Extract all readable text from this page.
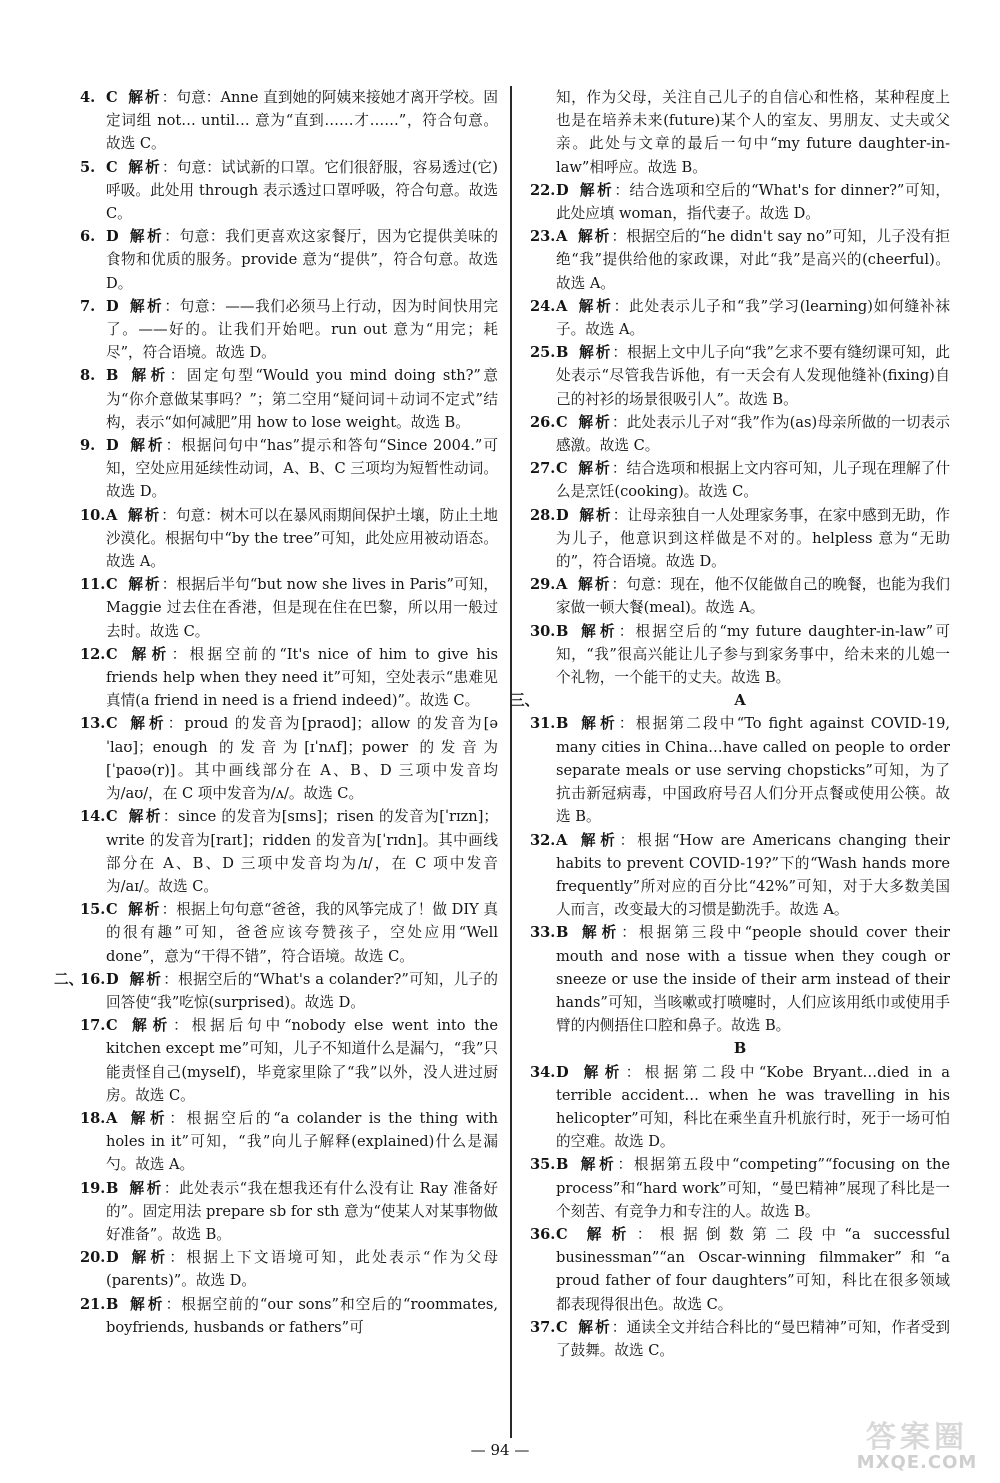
4. C 解析：句意：Anne 直到她的阿姨来接她才离开学校。固定词组 not… until… 意为“直到……才……”，符合句意。故选 C。

5. C 解析：句意：试试新的口罩。它们很舒服，容易透过(它)呼吸。此处用 through 表示透过口罩呼吸，符合句意。故选 C。

6. D 解析：句意：我们更喜欢这家餐厅，因为它提供美味的食物和优质的服务。provide 意为“提供”，符合句意。故选 D。

7. D 解析：句意：——我们必须马上行动，因为时间快用完了。——好的。让我们开始吧。run out 意为“用完；耗尽”，符合语境。故选 D。

8. B 解析：固定句型“Would you mind doing sth?”意为“你介意做某事吗？”；第二空用“疑问词＋动词不定式”结构，表示“如何减肥”用 how to lose weight。故选 B。

9. D 解析：根据问句中“has”提示和答句“Since 2004.”可知，空处应用延续性动词，A、B、C 三项均为短暂性动词。故选 D。

10.A 解析：句意：树木可以在暴风雨期间保护土壤，防止土地沙漠化。根据句中“by the tree”可知，此处应用被动语态。故选 A。

11.C 解析：根据后半句“but now she lives in Paris”可知，Maggie 过去住在香港，但是现在住在巴黎，所以用一般过去时。故选 C。

12.C 解析：根据空前的“It's nice of him to give his friends help when they need it”可知，空处表示“患难见真情(a friend in need is a friend indeed)”。故选 C。

13.C 解析：proud 的发音为[praʊd]；allow 的发音为[əˈlaʊ]；enough 的发音为[ɪˈnʌf]；power 的发音为[ˈpaʊə(r)]。其中画线部分在 A、B、D 三项中发音均为/aʊ/，在 C 项中发音为/ʌ/。故选 C。

14.C 解析：since 的发音为[sɪns]；risen 的发音为[ˈrɪzn]；write 的发音为[raɪt]；ridden 的发音为[ˈrɪdn]。其中画线部分在 A、B、D 三项中发音均为/ɪ/，在 C 项中发音为/aɪ/。故选 C。

15.C 解析：根据上句句意“爸爸，我的风筝完成了！做 DIY 真的很有趣”可知，爸爸应该夸赞孩子，空处应用“Well done”，意为“干得不错”，符合语境。故选 C。

二、16.D 解析：根据空后的“What's a colander?”可知，儿子的回答使“我”吃惊(surprised)。故选 D。

17.C 解析：根据后句中“nobody else went into the kitchen except me”可知，儿子不知道什么是漏勺，“我”只能责怪自己(myself)，毕竟家里除了“我”以外，没人进过厨房。故选 C。

18.A 解析：根据空后的“a colander is the thing with holes in it”可知，“我”向儿子解释(explained)什么是漏勺。故选 A。

19.B 解析：此处表示“我在想我还有什么没有让 Ray 准备好的”。固定用法 prepare sb for sth 意为“使某人对某事物做好准备”。故选 B。

20.D 解析：根据上下文语境可知，此处表示“作为父母(parents)”。故选 D。

21.B 解析：根据空前的“our sons”和空后的“roommates, boyfriends, husbands or fathers”可

知，作为父母，关注自己儿子的自信心和性格，某种程度上也是在培养未来(future)某个人的室友、男朋友、丈夫或父亲。此处与文章的最后一句中“my future daughter-in-law”相呼应。故选 B。

22.D 解析：结合选项和空后的“What's for dinner?”可知，此处应填 woman，指代妻子。故选 D。

23.A 解析：根据空后的“he didn't say no”可知，儿子没有拒绝“我”提供给他的家政课，对此“我”是高兴的(cheerful)。故选 A。

24.A 解析：此处表示儿子和“我”学习(learning)如何缝补袜子。故选 A。

25.B 解析：根据上文中儿子向“我”乞求不要有缝纫课可知，此处表示“尽管我告诉他，有一天会有人发现他缝补(fixing)自己的衬衫的场景很吸引人”。故选 B。

26.C 解析：此处表示儿子对“我”作为(as)母亲所做的一切表示感激。故选 C。

27.C 解析：结合选项和根据上文内容可知，儿子现在理解了什么是烹饪(cooking)。故选 C。

28.D 解析：让母亲独自一人处理家务事，在家中感到无助，作为儿子，他意识到这样做是不对的。helpless 意为“无助的”，符合语境。故选 D。

29.A 解析：句意：现在，他不仅能做自己的晚餐，也能为我们家做一顿大餐(meal)。故选 A。

30.B 解析：根据空后的“my future daughter-in-law”可知，“我”很高兴能让儿子参与到家务事中，给未来的儿媳一个礼物，一个能干的丈夫。故选 B。

三、	A

31.B 解析：根据第二段中“To fight against COVID-19, many cities in China…have called on people to order separate meals or use serving chopsticks”可知，为了抗击新冠病毒，中国政府号召人们分开点餐或使用公筷。故选 B。

32.A 解析：根据“How are Americans changing their habits to prevent COVID-19?”下的“Wash hands more frequently”所对应的百分比“42%”可知，对于大多数美国人而言，改变最大的习惯是勤洗手。故选 A。

33.B 解析：根据第三段中“people should cover their mouth and nose with a tissue when they cough or sneeze or use the inside of their arm instead of their hands”可知，当咳嗽或打喷嚏时，人们应该用纸巾或使用手臂的内侧捂住口腔和鼻子。故选 B。

B

34.D 解析：根据第二段中“Kobe Bryant…died in a terrible accident… when he was travelling in his helicopter”可知，科比在乘坐直升机旅行时，死于一场可怕的空难。故选 D。

35.B 解析：根据第五段中“competing”“focusing on the process”和“hard work”可知，“曼巴精神”展现了科比是一个刻苦、有竞争力和专注的人。故选 B。

36.C 解析：根据倒数第二段中“a successful businessman”“an Oscar-winning filmmaker”和“a proud father of four daughters”可知，科比在很多领域都表现得很出色。故选 C。

37.C 解析：通读全文并结合科比的“曼巴精神”可知，作者受到了鼓舞。故选 C。

— 94 —	答案圈
MXQE.COM
